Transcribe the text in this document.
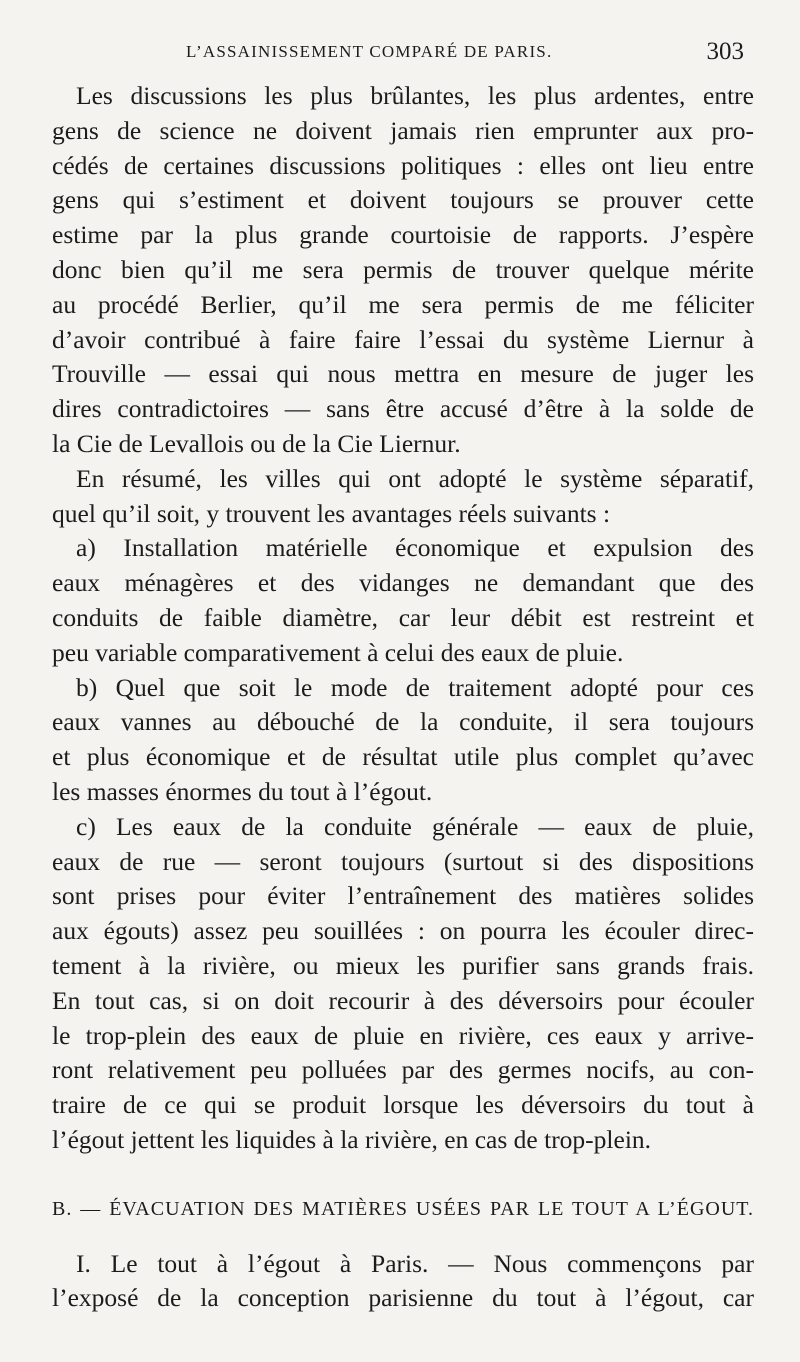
L’ASSAINISSEMENT COMPARÉ DE PARIS.	303
Les discussions les plus brûlantes, les plus ardentes, entre
gens de science ne doivent jamais rien emprunter aux pro-
cédés de certaines discussions politiques : elles ont lieu entre
gens qui s’estiment et doivent toujours se prouver cette
estime par la plus grande courtoisie de rapports. J’espère
donc bien qu’il me sera permis de trouver quelque mérite
au procédé Berlier, qu’il me sera permis de me féliciter
d’avoir contribué à faire faire l’essai du système Liernur à
Trouville — essai qui nous mettra en mesure de juger les
dires contradictoires — sans être accusé d’être à la solde de
la Cie de Levallois ou de la Cie Liernur.
En résumé, les villes qui ont adopté le système séparatif,
quel qu’il soit, y trouvent les avantages réels suivants :
a) Installation matérielle économique et expulsion des
eaux ménagères et des vidanges ne demandant que des
conduits de faible diamètre, car leur débit est restreint et
peu variable comparativement à celui des eaux de pluie.
b) Quel que soit le mode de traitement adopté pour ces
eaux vannes au débouché de la conduite, il sera toujours
et plus économique et de résultat utile plus complet qu’avec
les masses énormes du tout à l’égout.
c) Les eaux de la conduite générale — eaux de pluie,
eaux de rue — seront toujours (surtout si des dispositions
sont prises pour éviter l’entraînement des matières solides
aux égouts) assez peu souillées : on pourra les écouler direc-
tement à la rivière, ou mieux les purifier sans grands frais.
En tout cas, si on doit recourir à des déversoirs pour écouler
le trop-plein des eaux de pluie en rivière, ces eaux y arrive-
ront relativement peu polluées par des germes nocifs, au con-
traire de ce qui se produit lorsque les déversoirs du tout à
l’égout jettent les liquides à la rivière, en cas de trop-plein.
B. — ÉVACUATION DES MATIÈRES USÉES PAR LE TOUT A L’ÉGOUT.
I. Le tout à l’égout à Paris. — Nous commençons par
l’exposé de la conception parisienne du tout à l’égout, car
